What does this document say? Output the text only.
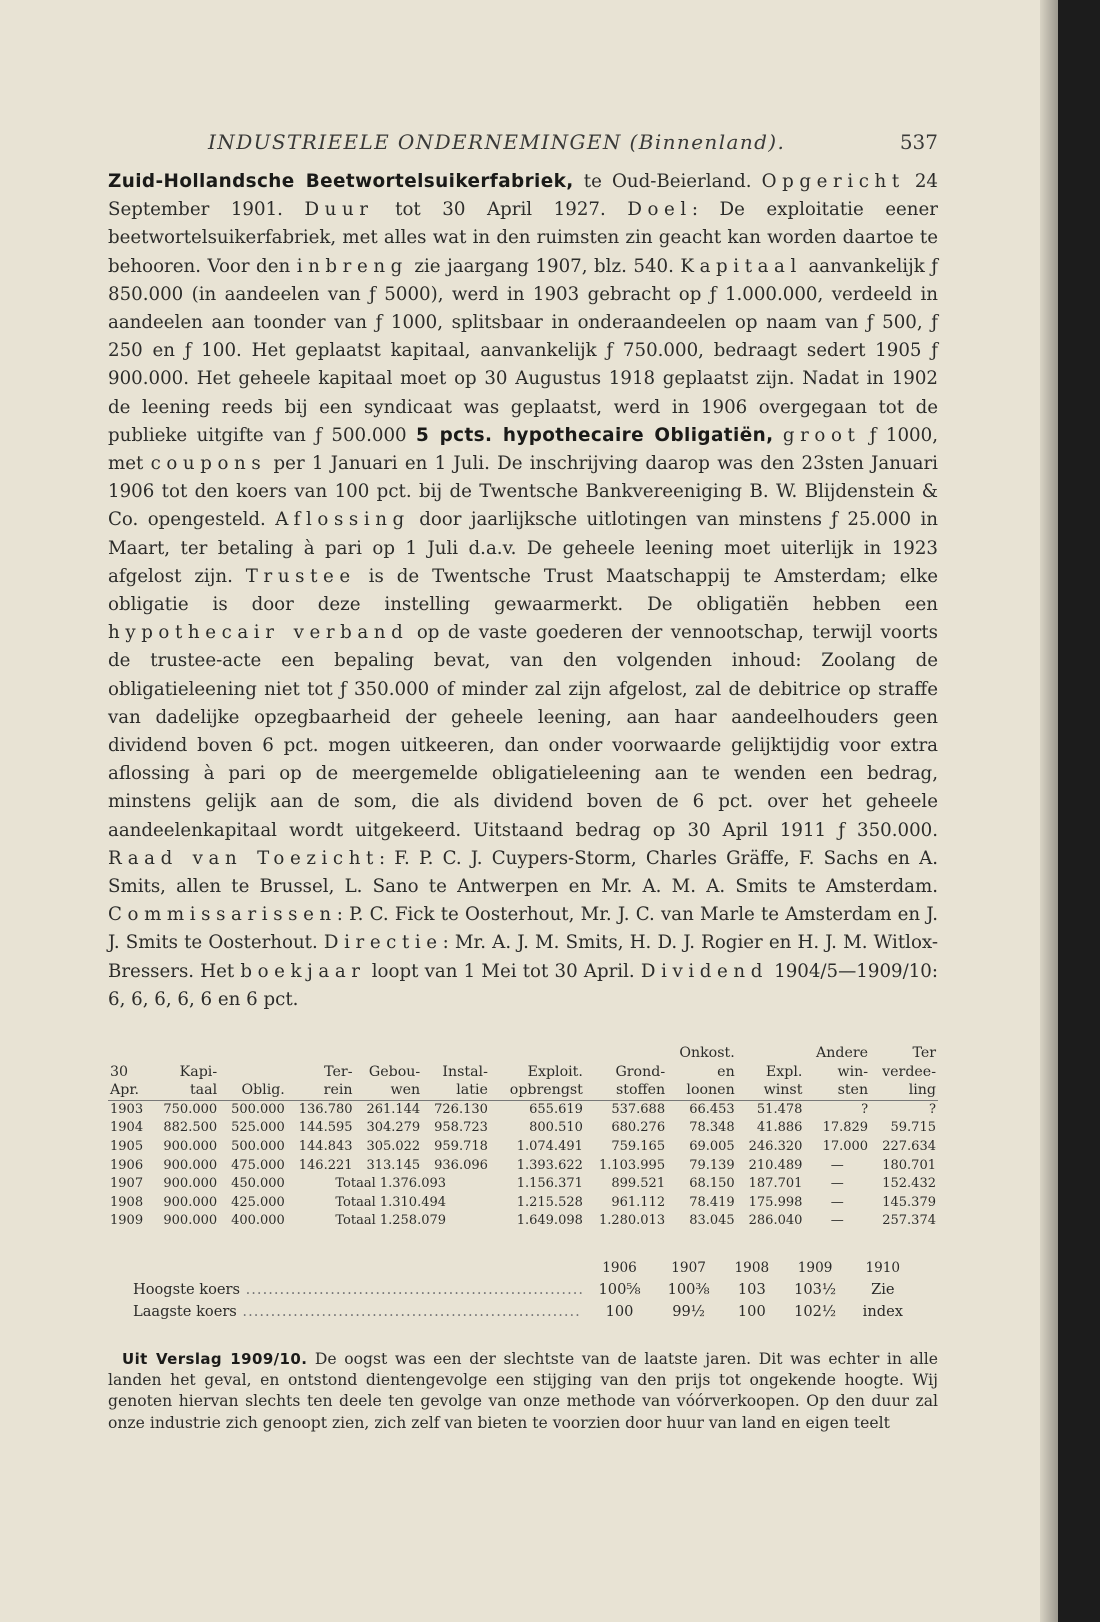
INDUSTRIEELE ONDERNEMINGEN (Binnenland).	537
Zuid-Hollandsche Beetwortelsuikerfabriek, te Oud-Beierland. Opgericht 24 September 1901. Duur tot 30 April 1927. Doel: De exploitatie eener beetwortelsuikerfabriek, met alles wat in den ruimsten zin geacht kan worden daartoe te behooren. Voor den inbreng zie jaargang 1907, blz. 540. Kapitaal aanvankelijk ƒ 850.000 (in aandeelen van ƒ 5000), werd in 1903 gebracht op ƒ 1.000.000, verdeeld in aandeelen aan toonder van ƒ 1000, splitsbaar in onderaandeelen op naam van ƒ 500, ƒ 250 en ƒ 100. Het geplaatst kapitaal, aanvankelijk ƒ 750.000, bedraagt sedert 1905 ƒ 900.000. Het geheele kapitaal moet op 30 Augustus 1918 geplaatst zijn. Nadat in 1902 de leening reeds bij een syndicaat was geplaatst, werd in 1906 overgegaan tot de publieke uitgifte van ƒ 500.000 5 pcts. hypothecaire Obligatiën, groot ƒ 1000, met coupons per 1 Januari en 1 Juli. De inschrijving daarop was den 23sten Januari 1906 tot den koers van 100 pct. bij de Twentsche Bankvereeniging B. W. Blijdenstein & Co. opengesteld. Aflossing door jaarlijksche uitlotingen van minstens ƒ 25.000 in Maart, ter betaling à pari op 1 Juli d.a.v. De geheele leening moet uiterlijk in 1923 afgelost zijn. Trustee is de Twentsche Trust Maatschappij te Amsterdam; elke obligatie is door deze instelling gewaarmerkt. De obligatiën hebben een hypothecair verband op de vaste goederen der vennootschap, terwijl voorts de trustee-acte een bepaling bevat, van den volgenden inhoud: Zoolang de obligatieleening niet tot ƒ 350.000 of minder zal zijn afgelost, zal de debitrice op straffe van dadelijke opzegbaarheid der geheele leening, aan haar aandeelhouders geen dividend boven 6 pct. mogen uitkeeren, dan onder voorwaarde gelijktijdig voor extra aflossing à pari op de meergemelde obligatieleening aan te wenden een bedrag, minstens gelijk aan de som, die als dividend boven de 6 pct. over het geheele aandeelenkapitaal wordt uitgekeerd. Uitstaand bedrag op 30 April 1911 ƒ 350.000. Raad van Toezicht: F. P. C. J. Cuypers-Storm, Charles Gräffe, F. Sachs en A. Smits, allen te Brussel, L. Sano te Antwerpen en Mr. A. M. A. Smits te Amsterdam. Commissarissen: P. C. Fick te Oosterhout, Mr. J. C. van Marle te Amsterdam en J. J. Smits te Oosterhout. Directie: Mr. A. J. M. Smits, H. D. J. Rogier en H. J. M. Witlox-Bressers. Het boekjaar loopt van 1 Mei tot 30 April. Dividend 1904/5—1909/10: 6, 6, 6, 6, 6 en 6 pct.
									Onkost.		Andere	Ter
30	Kapi-		Ter-	Gebou-	Instal-		Exploit.	Grond-	en	Expl.	win-	verdee-
Apr.	taal	Oblig.	rein	wen	latie		opbrengst	stoffen	loonen	winst	sten	ling
1903	750.000	500.000	136.780	261.144	726.130		655.619	537.688	66.453	51.478	?	?
1904	882.500	525.000	144.595	304.279	958.723		800.510	680.276	78.348	41.886	17.829	59.715
1905	900.000	500.000	144.843	305.022	959.718		1.074.491	759.165	69.005	246.320	17.000	227.634
1906	900.000	475.000	146.221	313.145	936.096		1.393.622	1.103.995	79.139	210.489	—	180.701
1907	900.000	450.000	Totaal 1.376.093				1.156.371	899.521	68.150	187.701	—	152.432
1908	900.000	425.000	Totaal 1.310.494				1.215.528	961.112	78.419	175.998	—	145.379
1909	900.000	400.000	Totaal 1.258.079				1.649.098	1.280.013	83.045	286.040	—	257.374
	1906	1907	1908	1909	1910
Hoogste koers ............................................................	100⅝	100⅜	103	103½	Zie
Laagste koers ............................................................	100	99½	100	102½	index
Uit Verslag 1909/10. De oogst was een der slechtste van de laatste jaren. Dit was echter in alle landen het geval, en ontstond dientengevolge een stijging van den prijs tot ongekende hoogte. Wij genoten hiervan slechts ten deele ten gevolge van onze methode van vóórverkoopen. Op den duur zal onze industrie zich genoopt zien, zich zelf van bieten te voorzien door huur van land en eigen teelt
